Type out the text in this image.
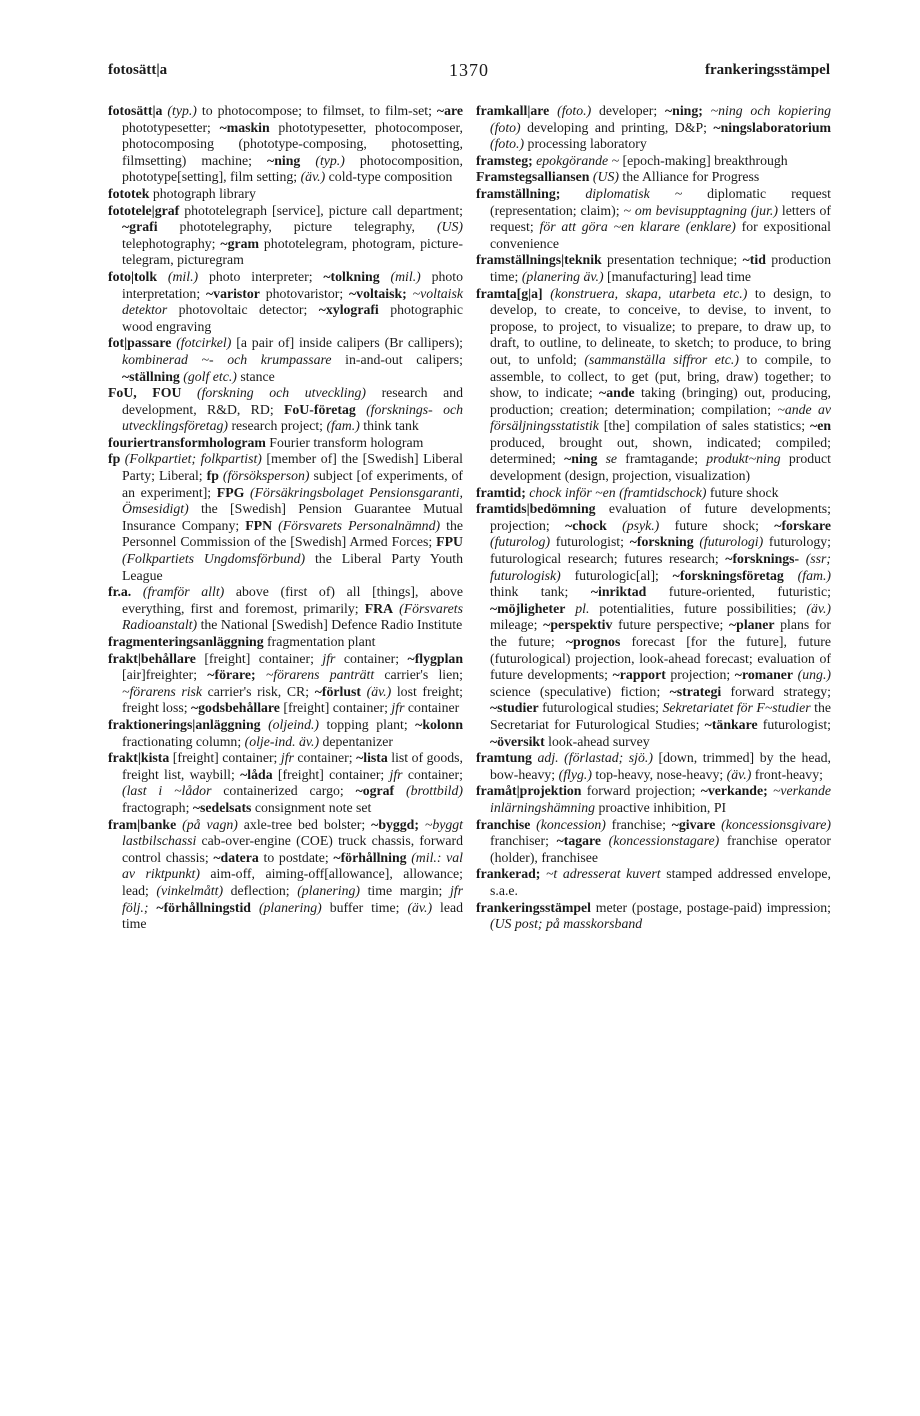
fotosätt|a	1370	frankeringsstämpel
fotosätt|a (typ.) to photocompose; to filmset, to film-set; ~are phototypesetter; ~maskin phototypesetter, photocomposer, photocomposing (phototype-composing, photosetting, filmsetting) machine; ~ning (typ.) photocomposition, phototype[setting], film setting; (äv.) cold-type composition
fototek photograph library
fototele|graf phototelegraph [service], picture call department; ~grafi phototelegraphy, picture telegraphy, (US) telephotography; ~gram phototelegram, photogram, picture-telegram, picturegram
foto|tolk (mil.) photo interpreter; ~tolkning (mil.) photo interpretation; ~varistor photovaristor; ~voltaisk; ~voltaisk detektor photovoltaic detector; ~xylografi photographic wood engraving
fot|passare (fotcirkel) [a pair of] inside calipers (Br callipers); kombinerad ~- och krumpassare in-and-out calipers; ~ställning (golf etc.) stance
FoU, FOU (forskning och utveckling) research and development, R&D, RD; FoU-företag (forsknings- och utvecklingsföretag) research project; (fam.) think tank
fouriertransformhologram Fourier transform hologram
fp (Folkpartiet; folkpartist) [member of] the [Swedish] Liberal Party; Liberal; fp (försöksperson) subject [of experiments, of an experiment]; FPG (Försäkringsbolaget Pensionsgaranti, Ömsesidigt) the [Swedish] Pension Guarantee Mutual Insurance Company; FPN (Försvarets Personalnämnd) the Personnel Commission of the [Swedish] Armed Forces; FPU (Folkpartiets Ungdomsförbund) the Liberal Party Youth League
fr.a. (framför allt) above (first of) all [things], above everything, first and foremost, primarily; FRA (Försvarets Radioanstalt) the National [Swedish] Defence Radio Institute
fragmenteringsanläggning fragmentation plant
frakt|behållare [freight] container; jfr container; ~flygplan [air]freighter; ~förare; ~förarens panträtt carrier's lien; ~förarens risk carrier's risk, CR; ~förlust (äv.) lost freight; freight loss; ~godsbehållare [freight] container; jfr container
fraktionerings|anläggning (oljeind.) topping plant; ~kolonn fractionating column; (olje-ind. äv.) depentanizer
frakt|kista [freight] container; jfr container; ~lista list of goods, freight list, waybill; ~låda [freight] container; jfr container; (last i ~lådor containerized cargo; ~ograf (brottbild) fractograph; ~sedelsats consignment note set
fram|banke (på vagn) axle-tree bed bolster; ~byggd; ~byggt lastbilschassi cab-over-engine (COE) truck chassis, forward control chassis; ~datera to postdate; ~förhållning (mil.: val av riktpunkt) aim-off, aiming-off[allowance], allowance; lead; (vinkelmått) deflection; (planering) time margin; jfr följ.; ~förhållningstid (planering) buffer time; (äv.) lead time
framkall|are (foto.) developer; ~ning; ~ning och kopiering (foto) developing and printing, D&P; ~ningslaboratorium (foto.) processing laboratory
framsteg; epokgörande ~ [epoch-making] breakthrough
Framstegsalliansen (US) the Alliance for Progress
framställning; diplomatisk ~ diplomatic request (representation; claim); ~ om bevisupptagning (jur.) letters of request; för att göra ~en klarare (enklare) for expositional convenience
framställnings|teknik presentation technique; ~tid production time; (planering äv.) [manufacturing] lead time
framta[g|a] (konstruera, skapa, utarbeta etc.) to design, to develop, to create, to conceive, to devise, to invent, to propose, to project, to visualize; to prepare, to draw up, to draft, to outline, to delineate, to sketch; to produce, to bring out, to unfold; (sammanställa siffror etc.) to compile, to assemble, to collect, to get (put, bring, draw) together; to show, to indicate; ~ande taking (bringing) out, producing, production; creation; determination; compilation; ~ande av försäljningsstatistik [the] compilation of sales statistics; ~en produced, brought out, shown, indicated; compiled; determined; ~ning se framtagande; produkt~ning product development (design, projection, visualization)
framtid; chock inför ~en (framtidschock) future shock
framtids|bedömning evaluation of future developments; projection; ~chock (psyk.) future shock; ~forskare (futurolog) futurologist; ~forskning (futurologi) futurology; futurological research; futures research; ~forsknings- (ssr; futurologisk) futurologic[al]; ~forskningsföretag (fam.) think tank; ~inriktad future-oriented, futuristic; ~möjligheter pl. potentialities, future possibilities; (äv.) mileage; ~perspektiv future perspective; ~planer plans for the future; ~prognos forecast [for the future], future (futurological) projection, look-ahead forecast; evaluation of future developments; ~rapport projection; ~romaner (ung.) science (speculative) fiction; ~strategi forward strategy; ~studier futurological studies; Sekretariatet för F~studier the Secretariat for Futurological Studies; ~tänkare futurologist; ~översikt look-ahead survey
framtung adj. (förlastad; sjö.) [down, trimmed] by the head, bow-heavy; (flyg.) top-heavy, nose-heavy; (äv.) front-heavy;
framåt|projektion forward projection; ~verkande; ~verkande inlärningshämning proactive inhibition, PI
franchise (koncession) franchise; ~givare (koncessionsgivare) franchiser; ~tagare (koncessionstagare) franchise operator (holder), franchisee
frankerad; ~t adresserat kuvert stamped addressed envelope, s.a.e.
frankeringsstämpel meter (postage, postage-paid) impression; (US post; på masskorsband
